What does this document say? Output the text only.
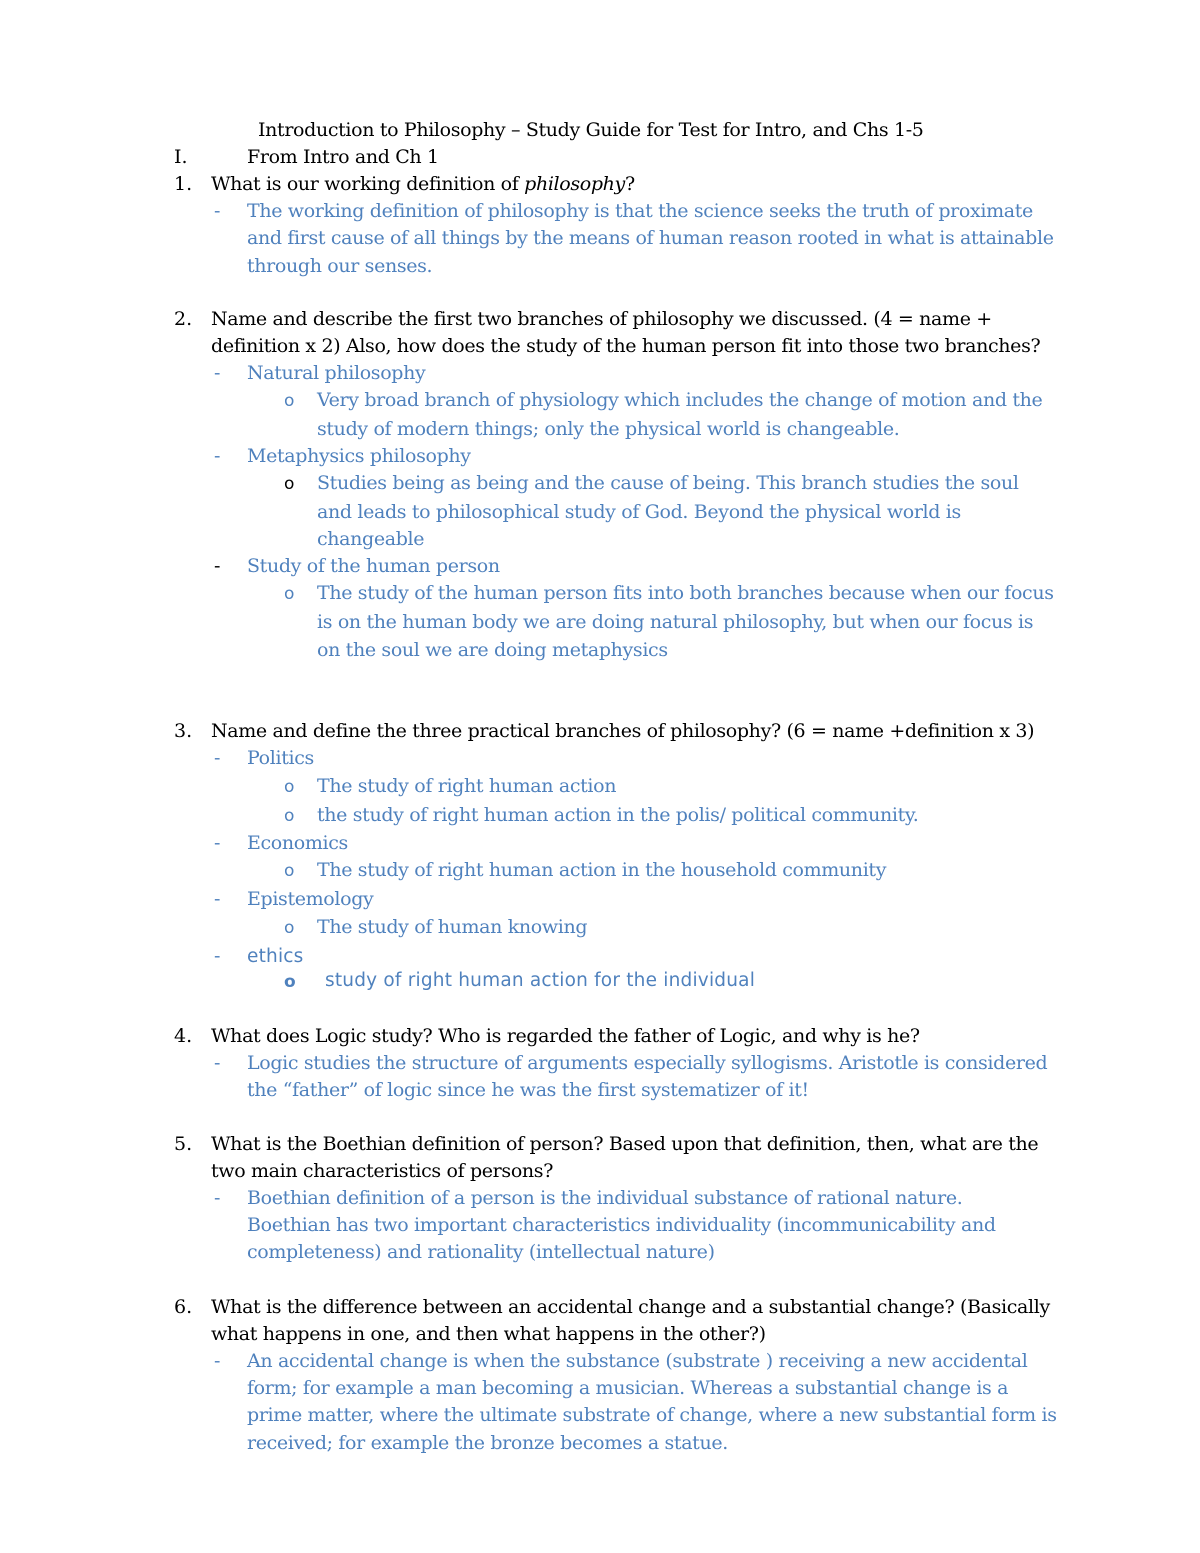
Introduction to Philosophy – Study Guide for Test for Intro, and Chs 1-5
I.	From Intro and Ch 1
1. What is our working definition of philosophy?
- The working definition of philosophy is that the science seeks the truth of proximate
and first cause of all things by the means of human reason rooted in what is attainable
through our senses.
2. Name and describe the first two branches of philosophy we discussed. (4 = name +
definition x 2) Also, how does the study of the human person fit into those two branches?
- Natural philosophy
o Very broad branch of physiology which includes the change of motion and the
study of modern things; only the physical world is changeable.
- Metaphysics philosophy
o Studies being as being and the cause of being. This branch studies the soul
and leads to philosophical study of God. Beyond the physical world is
changeable
- Study of the human person
o The study of the human person fits into both branches because when our focus
is on the human body we are doing natural philosophy, but when our focus is
on the soul we are doing metaphysics
3. Name and define the three practical branches of philosophy? (6 = name +definition x 3)
- Politics
o The study of right human action
o the study of right human action in the polis/ political community.
- Economics
o The study of right human action in the household community
- Epistemology
o The study of human knowing
- ethics
o study of right human action for the individual
4. What does Logic study? Who is regarded the father of Logic, and why is he?
- Logic studies the structure of arguments especially syllogisms. Aristotle is considered
the “father” of logic since he was the first systematizer of it!
5. What is the Boethian definition of person? Based upon that definition, then, what are the
two main characteristics of persons?
- Boethian definition of a person is the individual substance of rational nature.
Boethian has two important characteristics individuality (incommunicability and
completeness) and rationality (intellectual nature)
6. What is the difference between an accidental change and a substantial change? (Basically
what happens in one, and then what happens in the other?)
- An accidental change is when the substance (substrate ) receiving a new accidental
form; for example a man becoming a musician. Whereas a substantial change is a
prime matter, where the ultimate substrate of change, where a new substantial form is
received; for example the bronze becomes a statue.
